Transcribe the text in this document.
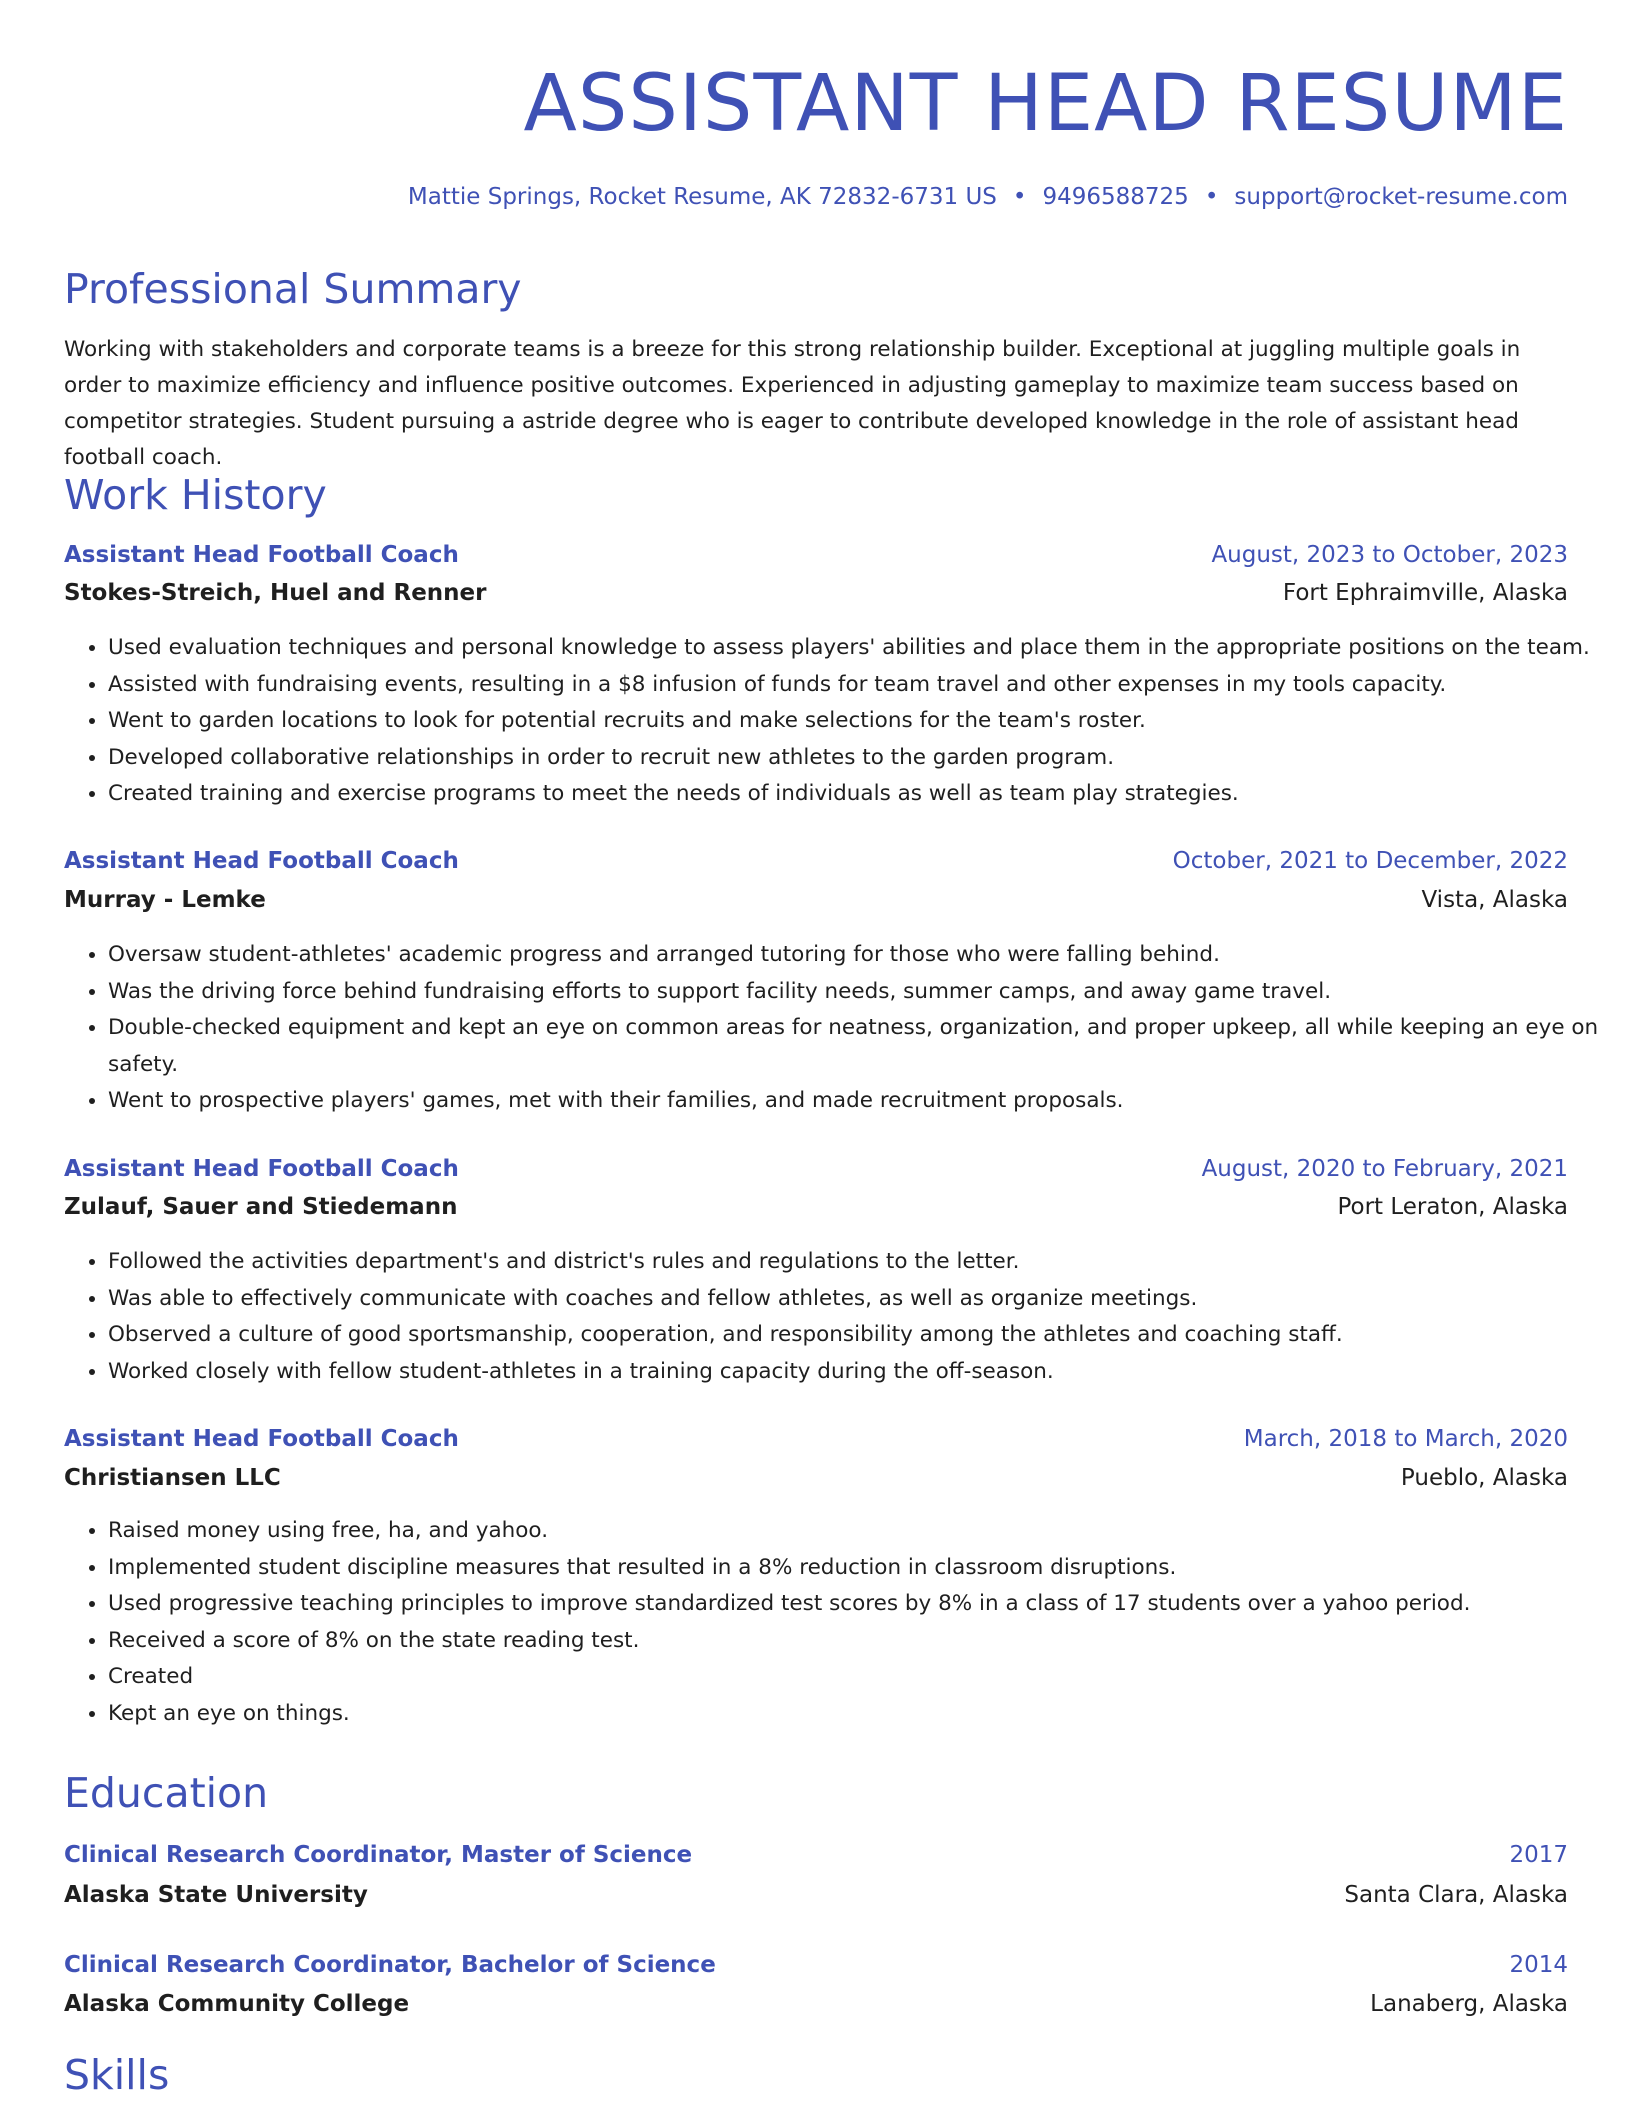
ASSISTANT HEAD RESUME
Mattie Springs, Rocket Resume, AK 72832-6731 US • 9496588725 • support@rocket-resume.com
Professional Summary

Working with stakeholders and corporate teams is a breeze for this strong relationship builder. Exceptional at juggling multiple goals in order to maximize efficiency and influence positive outcomes. Experienced in adjusting gameplay to maximize team success based on competitor strategies. Student pursuing a astride degree who is eager to contribute developed knowledge in the role of assistant head football coach.

Work History
Assistant Head Football Coach	August, 2023 to October, 2023
Stokes-Streich, Huel and Renner	Fort Ephraimville, Alaska
• Used evaluation techniques and personal knowledge to assess players' abilities and place them in the appropriate positions on the team.
• Assisted with fundraising events, resulting in a $8 infusion of funds for team travel and other expenses in my tools capacity.
• Went to garden locations to look for potential recruits and make selections for the team's roster.
• Developed collaborative relationships in order to recruit new athletes to the garden program.
• Created training and exercise programs to meet the needs of individuals as well as team play strategies.
Assistant Head Football Coach	October, 2021 to December, 2022
Murray - Lemke	Vista, Alaska
• Oversaw student-athletes' academic progress and arranged tutoring for those who were falling behind.
• Was the driving force behind fundraising efforts to support facility needs, summer camps, and away game travel.
• Double-checked equipment and kept an eye on common areas for neatness, organization, and proper upkeep, all while keeping an eye on safety.
• Went to prospective players' games, met with their families, and made recruitment proposals.
Assistant Head Football Coach	August, 2020 to February, 2021
Zulauf, Sauer and Stiedemann	Port Leraton, Alaska
• Followed the activities department's and district's rules and regulations to the letter.
• Was able to effectively communicate with coaches and fellow athletes, as well as organize meetings.
• Observed a culture of good sportsmanship, cooperation, and responsibility among the athletes and coaching staff.
• Worked closely with fellow student-athletes in a training capacity during the off-season.
Assistant Head Football Coach	March, 2018 to March, 2020
Christiansen LLC	Pueblo, Alaska
• Raised money using free, ha, and yahoo.
• Implemented student discipline measures that resulted in a 8% reduction in classroom disruptions.
• Used progressive teaching principles to improve standardized test scores by 8% in a class of 17 students over a yahoo period.
• Received a score of 8% on the state reading test.
• Created
• Kept an eye on things.
Education
Clinical Research Coordinator, Master of Science	2017
Alaska State University	Santa Clara, Alaska
Clinical Research Coordinator, Bachelor of Science	2014
Alaska Community College	Lanaberg, Alaska
Skills
